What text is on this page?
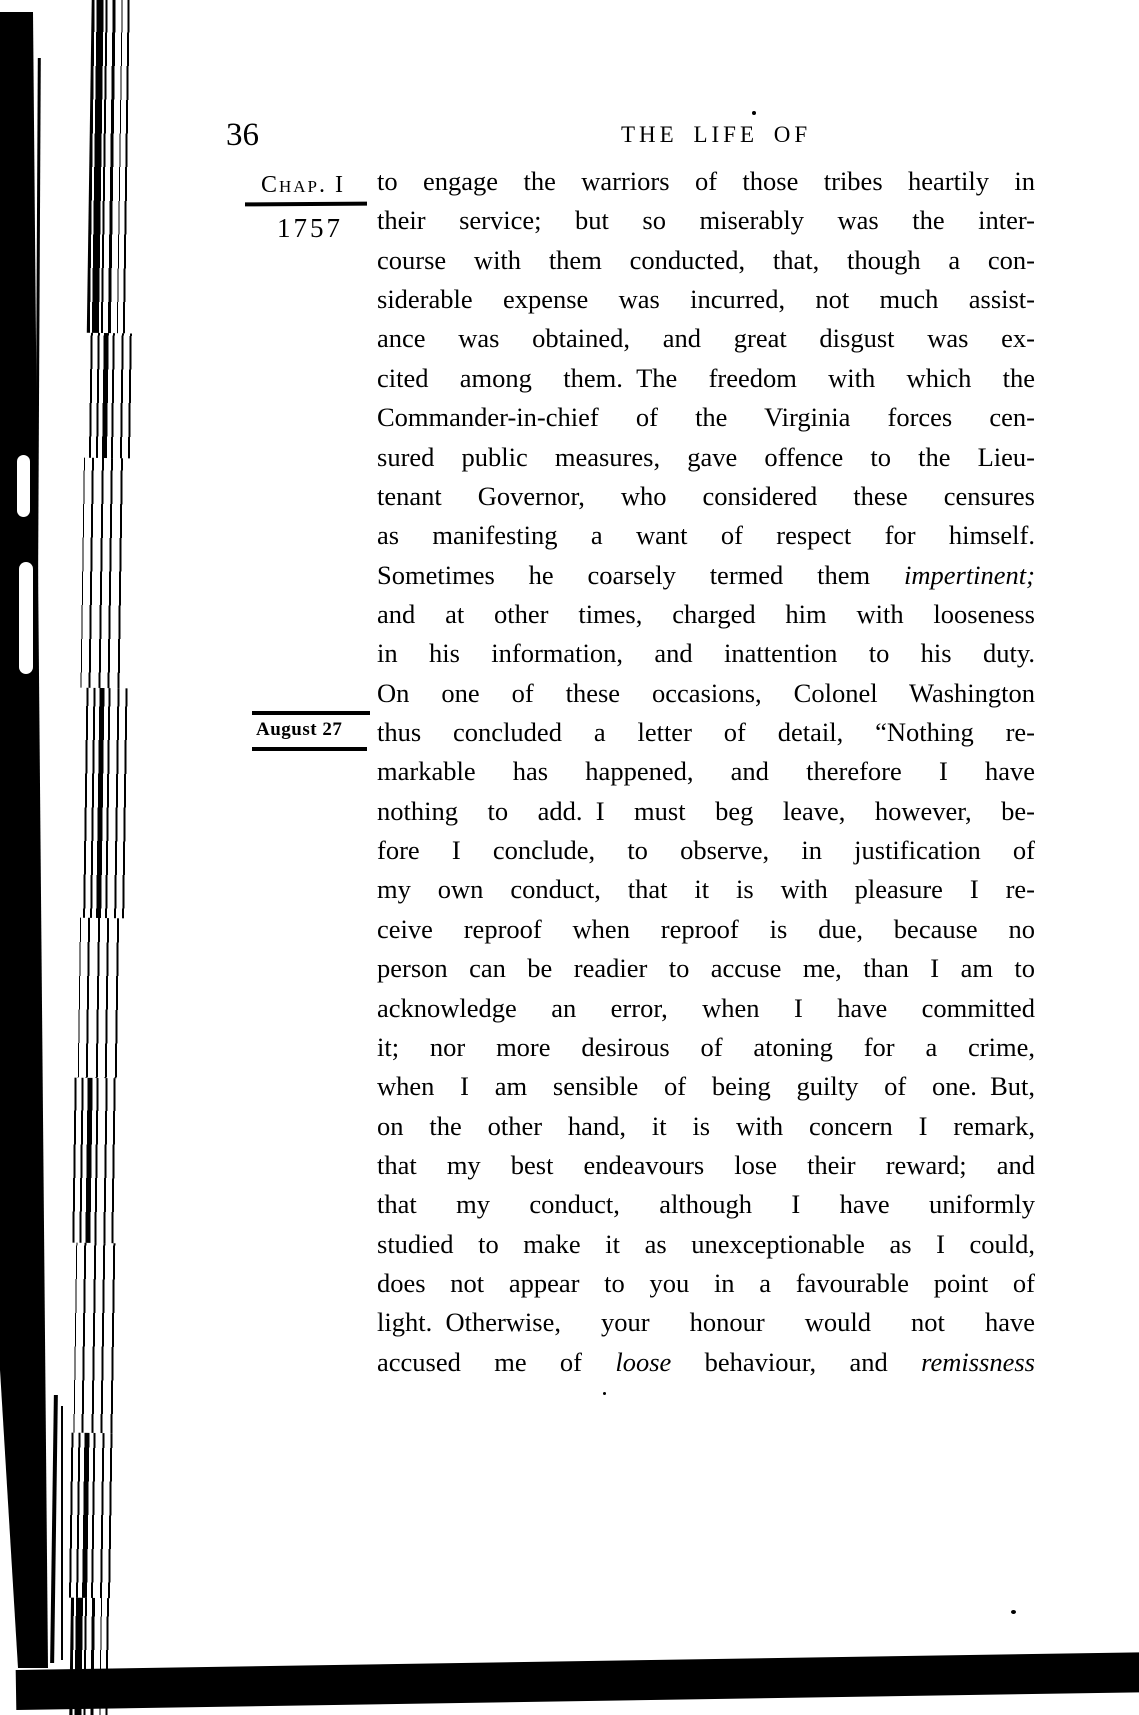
36	THE LIFE OF
Chap. I
1757
August 27
to engage the warriors of those tribes heartily in
their service; but so miserably was the inter-
course with them conducted, that, though a con-
siderable expense was incurred, not much assist-
ance was obtained, and great disgust was ex-
cited among them. The freedom with which the
Commander-in-chief of the Virginia forces cen-
sured public measures, gave offence to the Lieu-
tenant Governor, who considered these censures
as manifesting a want of respect for himself.
Sometimes he coarsely termed them impertinent;
and at other times, charged him with looseness
in his information, and inattention to his duty.
On one of these occasions, Colonel Washington
thus concluded a letter of detail, “Nothing re-
markable has happened, and therefore I have
nothing to add. I must beg leave, however, be-
fore I conclude, to observe, in justification of
my own conduct, that it is with pleasure I re-
ceive reproof when reproof is due, because no
person can be readier to accuse me, than I am to
acknowledge an error, when I have committed
it; nor more desirous of atoning for a crime,
when I am sensible of being guilty of one. But,
on the other hand, it is with concern I remark,
that my best endeavours lose their reward; and
that my conduct, although I have uniformly
studied to make it as unexceptionable as I could,
does not appear to you in a favourable point of
light. Otherwise, your honour would not have
accused me of loose behaviour, and remissness
